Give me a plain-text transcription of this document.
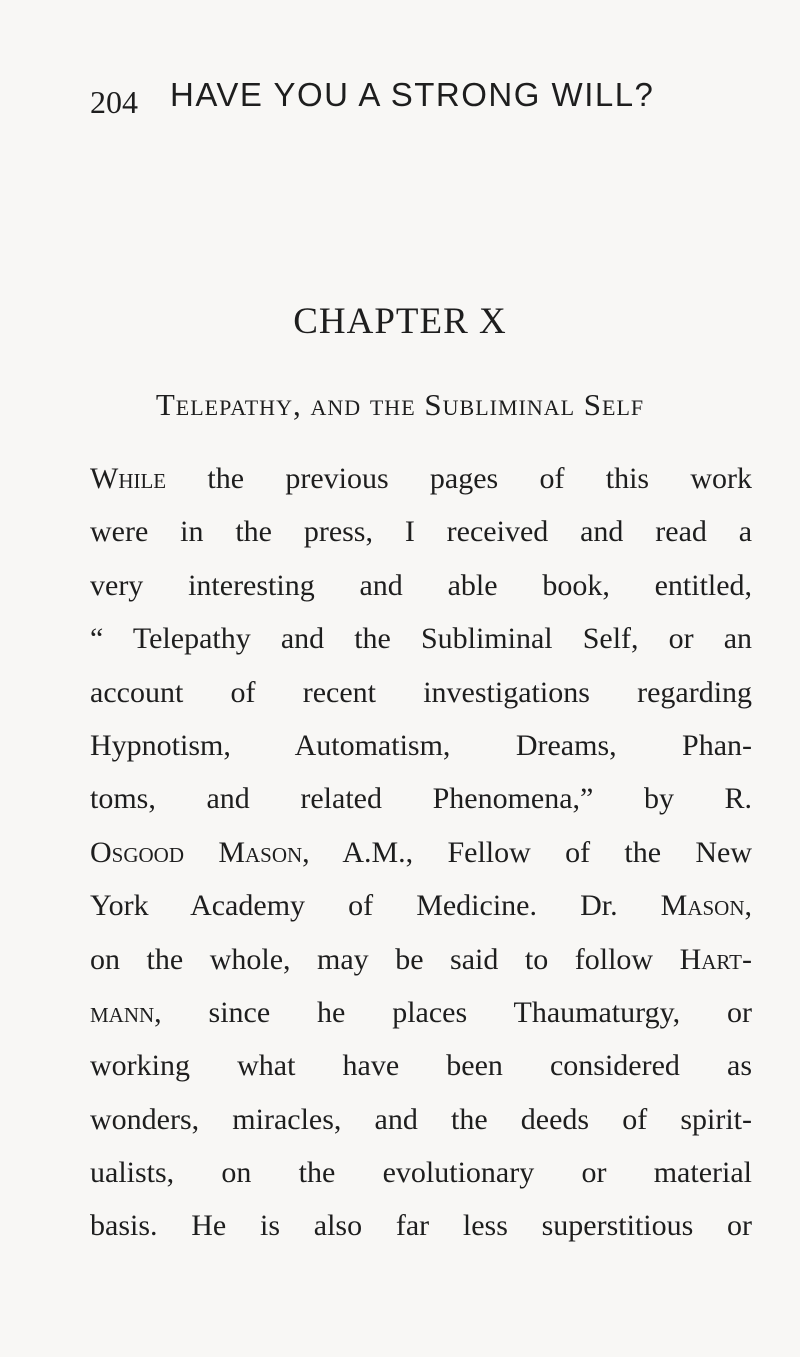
204 HAVE YOU A STRONG WILL?
CHAPTER X
Telepathy, and the Subliminal Self
While the previous pages of this work
were in the press, I received and read a
very interesting and able book, entitled,
“ Telepathy and the Subliminal Self, or an
account of recent investigations regarding
Hypnotism, Automatism, Dreams, Phan-
toms, and related Phenomena,” by R.
Osgood Mason, A.M., Fellow of the New
York Academy of Medicine. Dr. Mason,
on the whole, may be said to follow Hart-
mann, since he places Thaumaturgy, or
working what have been considered as
wonders, miracles, and the deeds of spirit-
ualists, on the evolutionary or material
basis. He is also far less superstitious or
